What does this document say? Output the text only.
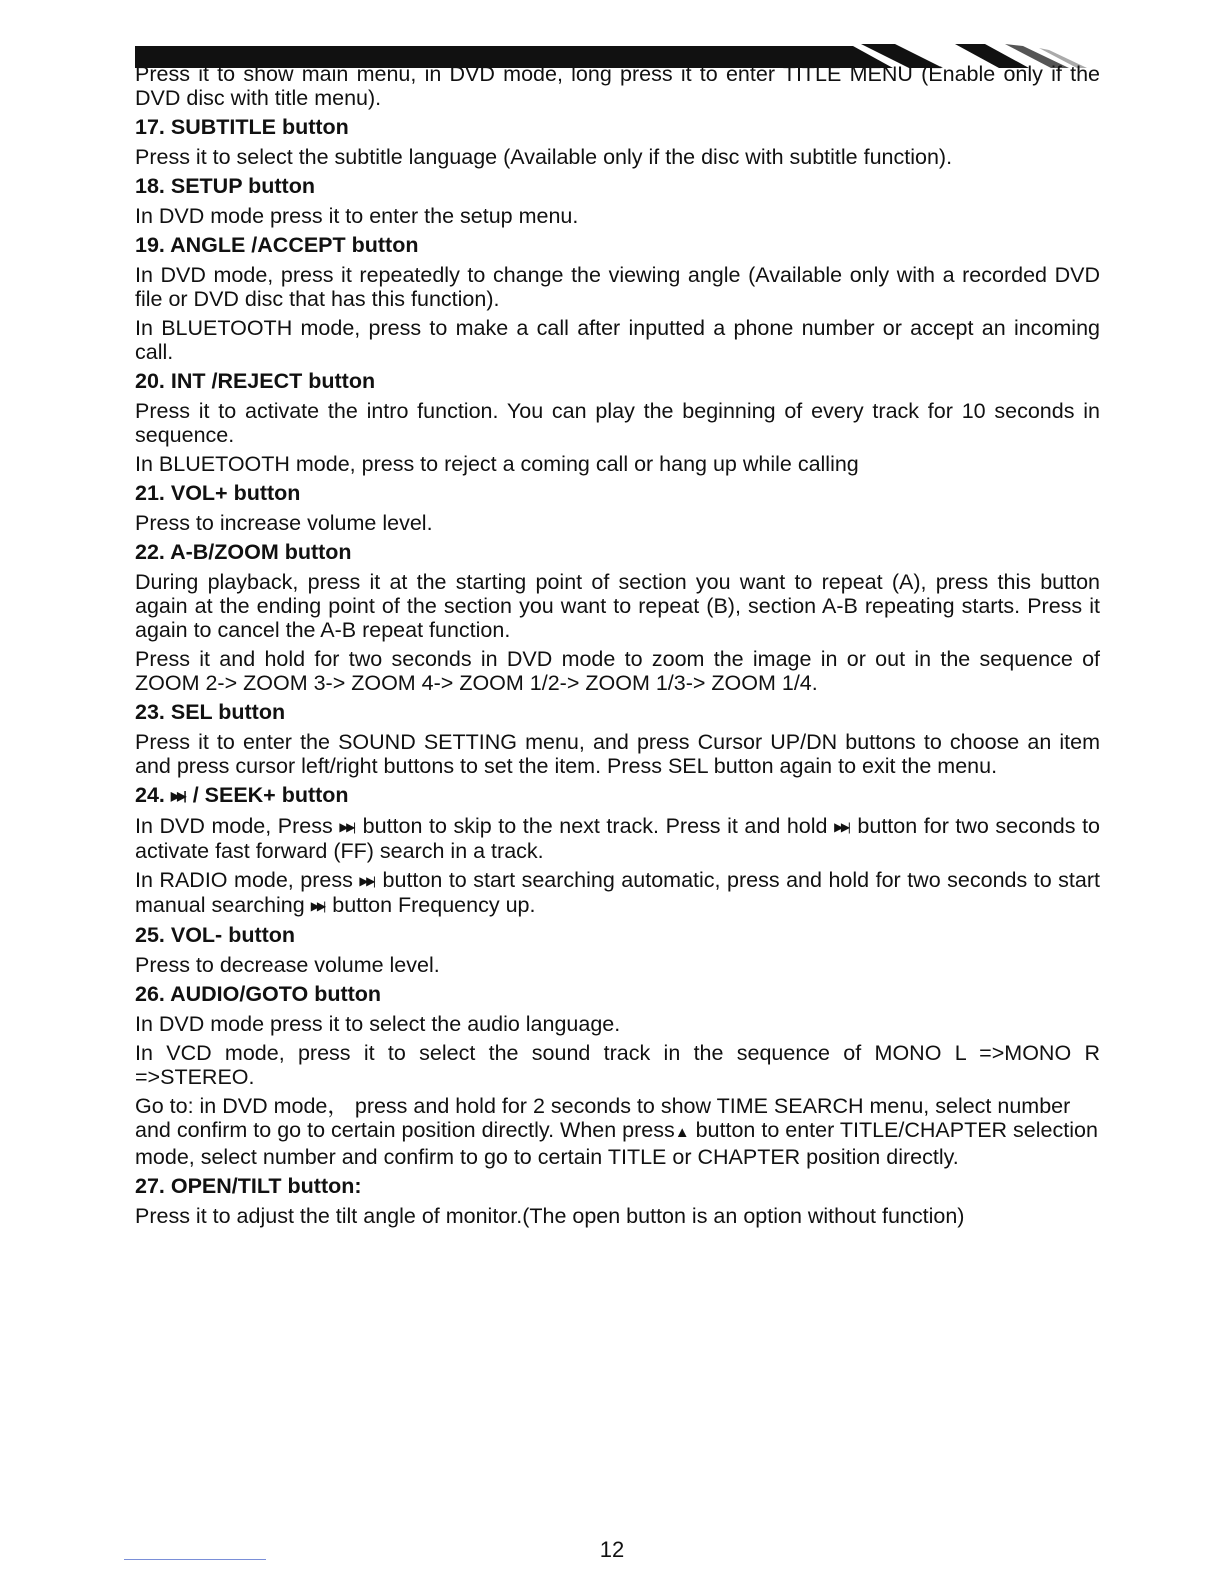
Press it to show main menu, in DVD mode, long press it to enter TITLE MENU (Enable only if the DVD disc with title menu).

17. SUBTITLE button

Press it to select the subtitle language (Available only if the disc with subtitle function).

18. SETUP button

In DVD mode press it to enter the setup menu.

19. ANGLE /ACCEPT button

In DVD mode, press it repeatedly to change the viewing angle (Available only with a recorded DVD file or DVD disc that has this function).

In BLUETOOTH mode, press to make a call after inputted a phone number or accept an incoming call.

20. INT /REJECT button

Press it to activate the intro function. You can play the beginning of every track for 10 seconds in sequence.

In BLUETOOTH mode, press to reject a coming call or hang up while calling

21. VOL+ button

Press to increase volume level.

22. A-B/ZOOM button

During playback, press it at the starting point of section you want to repeat (A), press this button again at the ending point of the section you want to repeat (B), section A-B repeating starts. Press it again to cancel the A-B repeat function.

Press it and hold for two seconds in DVD mode to zoom the image in or out in the sequence of ZOOM 2-> ZOOM 3-> ZOOM 4-> ZOOM 1/2-> ZOOM 1/3-> ZOOM 1/4.

23. SEL button

Press it to enter the SOUND SETTING menu, and press Cursor UP/DN buttons to choose an item and press cursor left/right buttons to set the item. Press SEL button again to exit the menu.

24. ▶▶| / SEEK+ button

In DVD mode, Press ▶▶| button to skip to the next track. Press it and hold ▶▶| button for two seconds to activate fast forward (FF) search in a track.

In RADIO mode, press ▶▶| button to start searching automatic, press and hold for two seconds to start manual searching ▶▶| button Frequency up.

25. VOL- button

Press to decrease volume level.

26. AUDIO/GOTO button

In DVD mode press it to select the audio language.

In VCD mode, press it to select the sound track in the sequence of MONO L =>MONO R =>STEREO.

Go to: in DVD mode， press and hold for 2 seconds to show TIME SEARCH menu, select number and confirm to go to certain position directly. When press▲ button to enter TITLE/CHAPTER selection mode, select number and confirm to go to certain TITLE or CHAPTER position directly.

27. OPEN/TILT button:

Press it to adjust the tilt angle of monitor.(The open button is an option without function)

12
